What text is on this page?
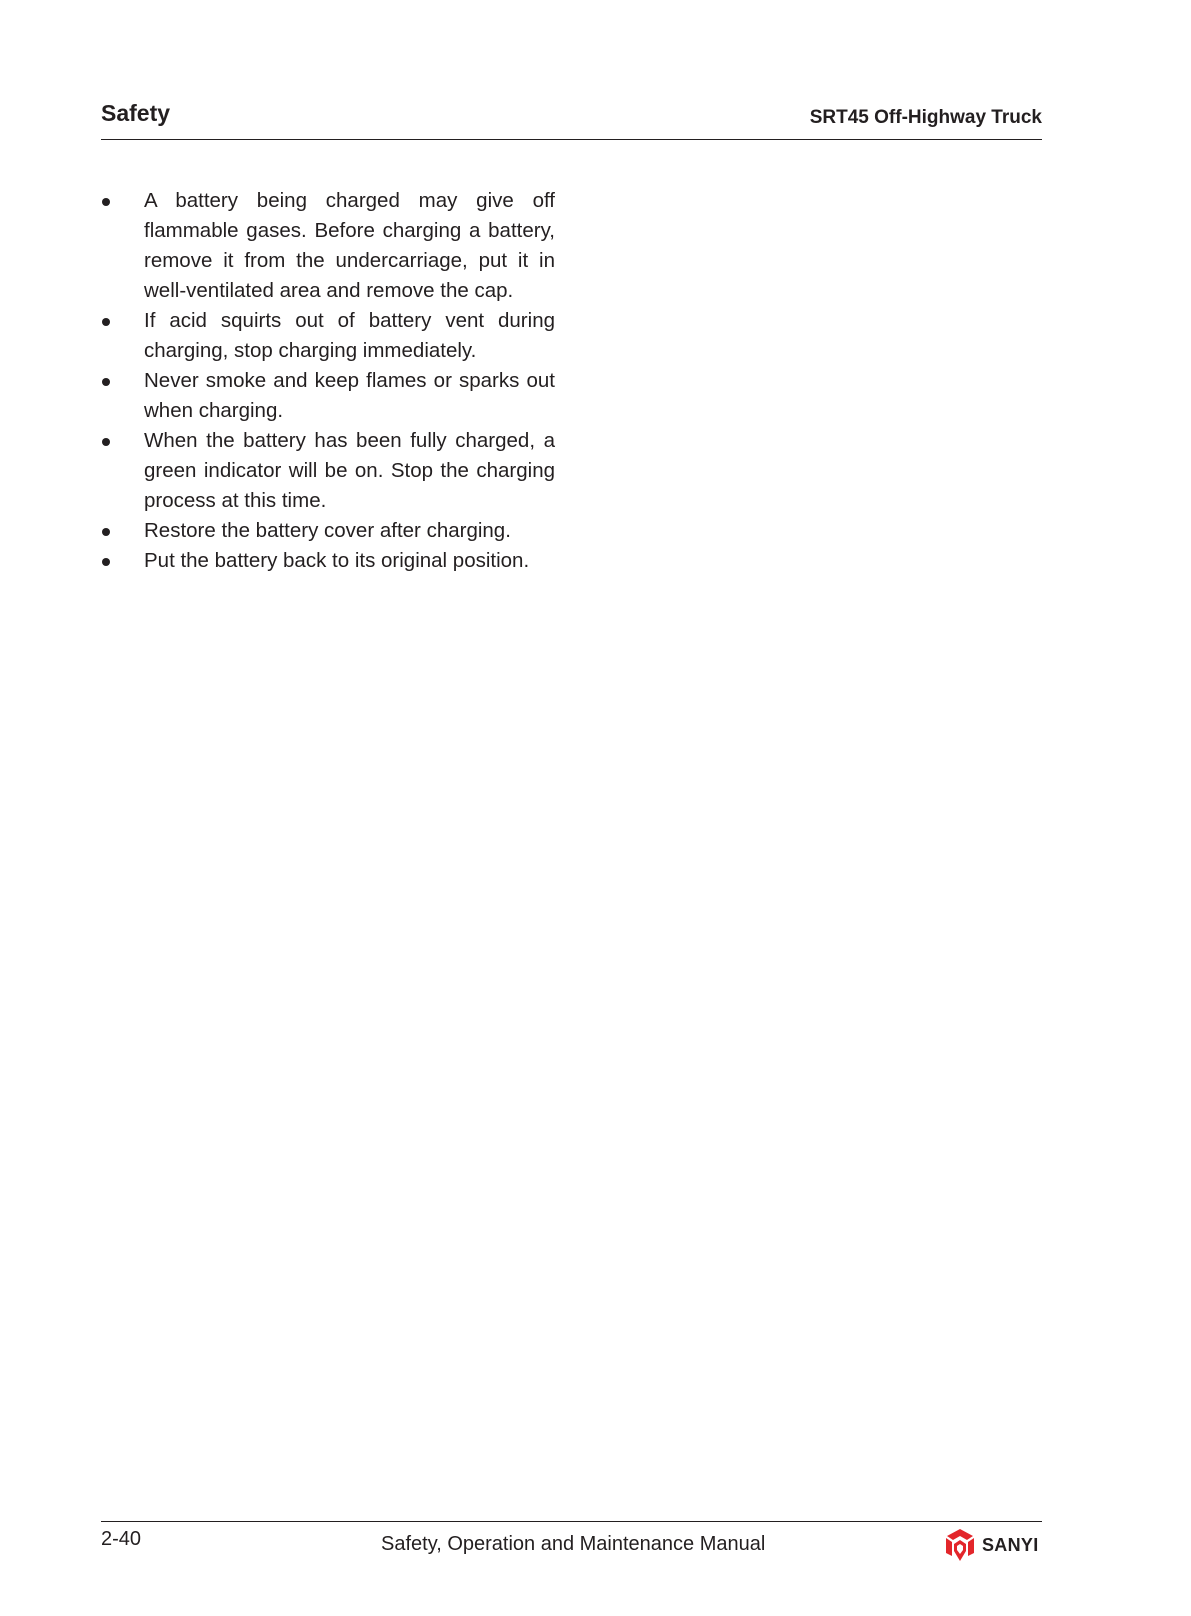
Safety	SRT45 Off-Highway Truck
A battery being charged may give off flammable gases. Before charging a battery, remove it from the undercarriage, put it in well-ventilated area and remove the cap.
If acid squirts out of battery vent during charging, stop charging immediately.
Never smoke and keep flames or sparks out when charging.
When the battery has been fully charged, a green indicator will be on. Stop the charging process at this time.
Restore the battery cover after charging.
Put the battery back to its original position.
2-40	Safety, Operation and Maintenance Manual	SANYI
